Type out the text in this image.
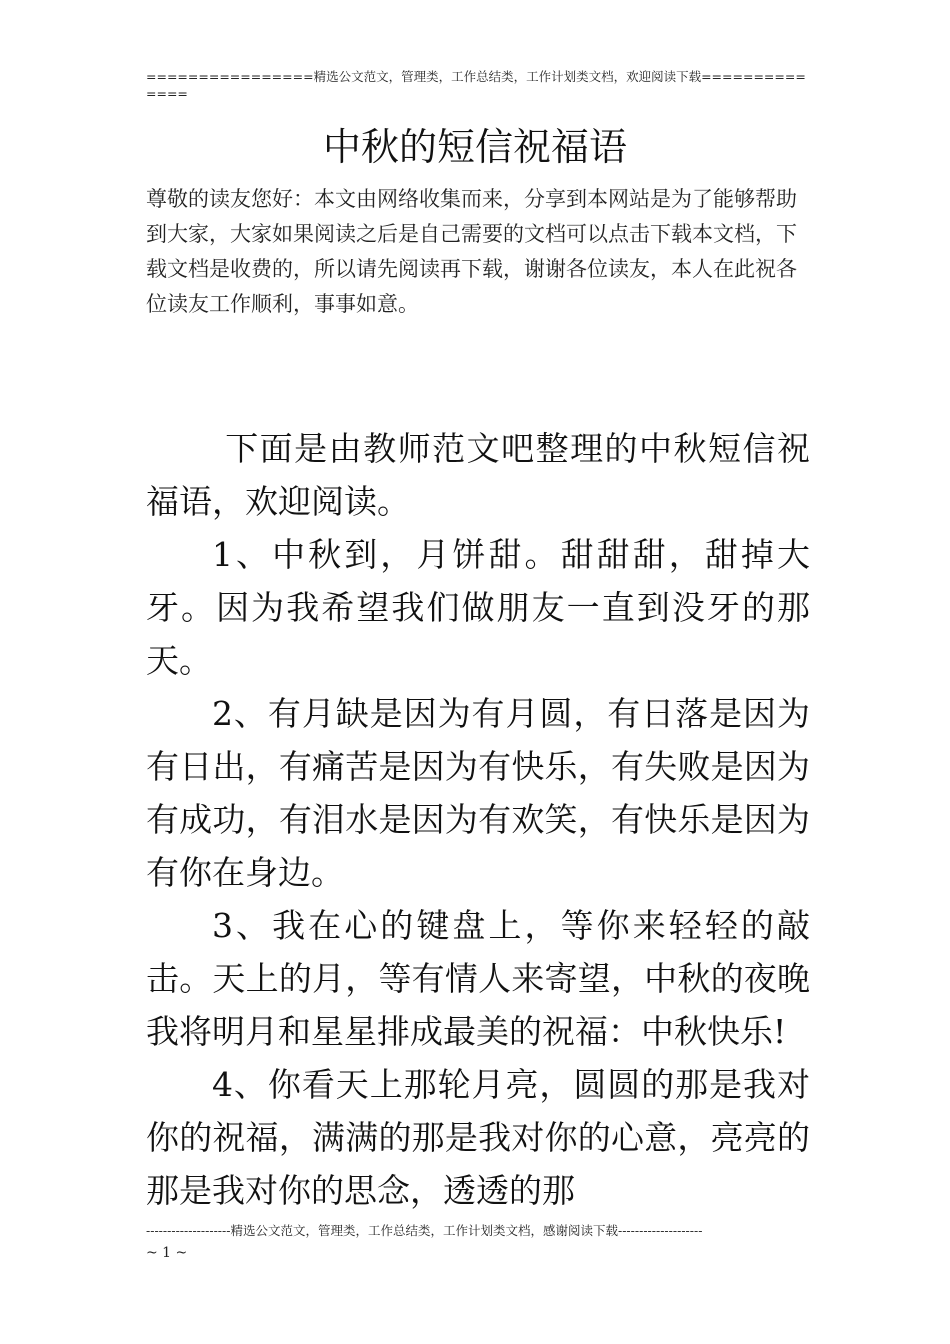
================精选公文范文，管理类，工作总结类，工作计划类文档，欢迎阅读下载==============
中秋的短信祝福语
尊敬的读友您好：本文由网络收集而来，分享到本网站是为了能够帮助到大家，大家如果阅读之后是自己需要的文档可以点击下载本文档，下载文档是收费的，所以请先阅读再下载，谢谢各位读友，本人在此祝各位读友工作顺利，事事如意。

下面是由教师范文吧整理的中秋短信祝福语，欢迎阅读。

1、中秋到，月饼甜。甜甜甜，甜掉大牙。因为我希望我们做朋友一直到没牙的那天。

2、有月缺是因为有月圆，有日落是因为有日出，有痛苦是因为有快乐，有失败是因为有成功，有泪水是因为有欢笑，有快乐是因为有你在身边。

3、我在心的键盘上，等你来轻轻的敲击。天上的月，等有情人来寄望，中秋的夜晚我将明月和星星排成最美的祝福：中秋快乐!

4、你看天上那轮月亮，圆圆的那是我对你的祝福，满满的那是我对你的心意，亮亮的那是我对你的思念，透透的那

--------------------精选公文范文，管理类，工作总结类，工作计划类文档，感谢阅读下载--------------------
~ 1 ~
